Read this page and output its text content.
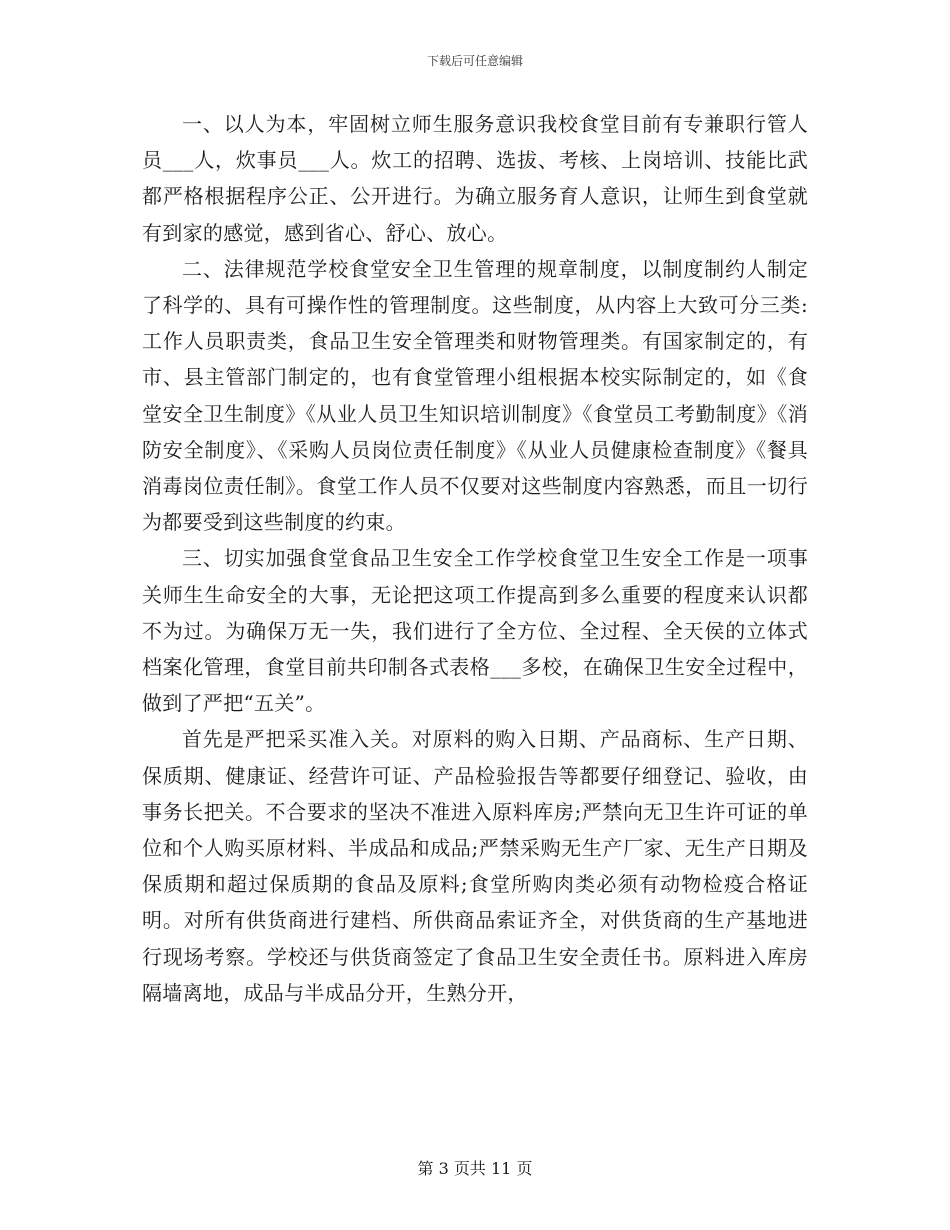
下载后可任意编辑

一、以人为本，牢固树立师生服务意识我校食堂目前有专兼职行管人员___人，炊事员___人。炊工的招聘、选拔、考核、上岗培训、技能比武都严格根据程序公正、公开进行。为确立服务育人意识，让师生到食堂就有到家的感觉，感到省心、舒心、放心。

二、法律规范学校食堂安全卫生管理的规章制度，以制度制约人制定了科学的、具有可操作性的管理制度。这些制度，从内容上大致可分三类:工作人员职责类，食品卫生安全管理类和财物管理类。有国家制定的，有市、县主管部门制定的，也有食堂管理小组根据本校实际制定的，如《食堂安全卫生制度》《从业人员卫生知识培训制度》《食堂员工考勤制度》《消防安全制度》、《采购人员岗位责任制度》《从业人员健康检查制度》《餐具消毒岗位责任制》。食堂工作人员不仅要对这些制度内容熟悉，而且一切行为都要受到这些制度的约束。

三、切实加强食堂食品卫生安全工作学校食堂卫生安全工作是一项事关师生生命安全的大事，无论把这项工作提高到多么重要的程度来认识都不为过。为确保万无一失，我们进行了全方位、全过程、全天侯的立体式档案化管理，食堂目前共印制各式表格___多校，在确保卫生安全过程中，做到了严把“五关”。

首先是严把采买准入关。对原料的购入日期、产品商标、生产日期、保质期、健康证、经营许可证、产品检验报告等都要仔细登记、验收，由事务长把关。不合要求的坚决不准进入原料库房;严禁向无卫生许可证的单位和个人购买原材料、半成品和成品;严禁采购无生产厂家、无生产日期及保质期和超过保质期的食品及原料;食堂所购肉类必须有动物检疫合格证明。对所有供货商进行建档、所供商品索证齐全，对供货商的生产基地进行现场考察。学校还与供货商签定了食品卫生安全责任书。原料进入库房隔墙离地，成品与半成品分开，生熟分开，

第 3 页共 11 页
